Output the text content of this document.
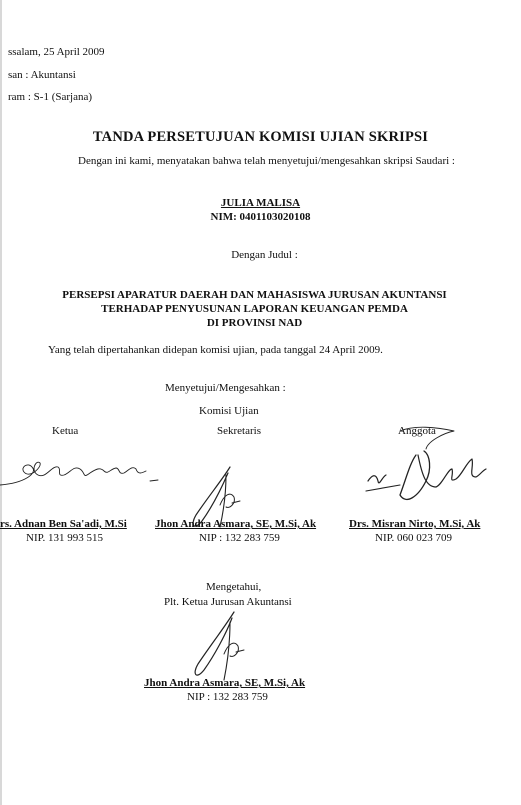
ssalam, 25 April 2009
san : Akuntansi
ram : S-1 (Sarjana)
TANDA PERSETUJUAN KOMISI UJIAN SKRIPSI
Dengan ini kami, menyatakan bahwa telah menyetujui/mengesahkan skripsi Saudari :
JULIA MALISA
NIM: 0401103020108
Dengan Judul :
PERSEPSI APARATUR DAERAH DAN MAHASISWA JURUSAN AKUNTANSI
TERHADAP PENYUSUNAN LAPORAN KEUANGAN PEMDA
DI PROVINSI NAD
Yang telah dipertahankan didepan komisi ujian, pada tanggal 24 April 2009.
Menyetujui/Mengesahkan :
Komisi Ujian
Ketua	Sekretaris	Anggota
rs. Adnan Ben Sa'adi, M.Si
NIP. 131 993 515
Jhon Andra Asmara, SE, M.Si, Ak
NIP : 132 283 759
Drs. Misran Nirto, M.Si, Ak
NIP. 060 023 709
Mengetahui,
Plt. Ketua Jurusan Akuntansi
Jhon Andra Asmara, SE, M.Si, Ak
NIP : 132 283 759
